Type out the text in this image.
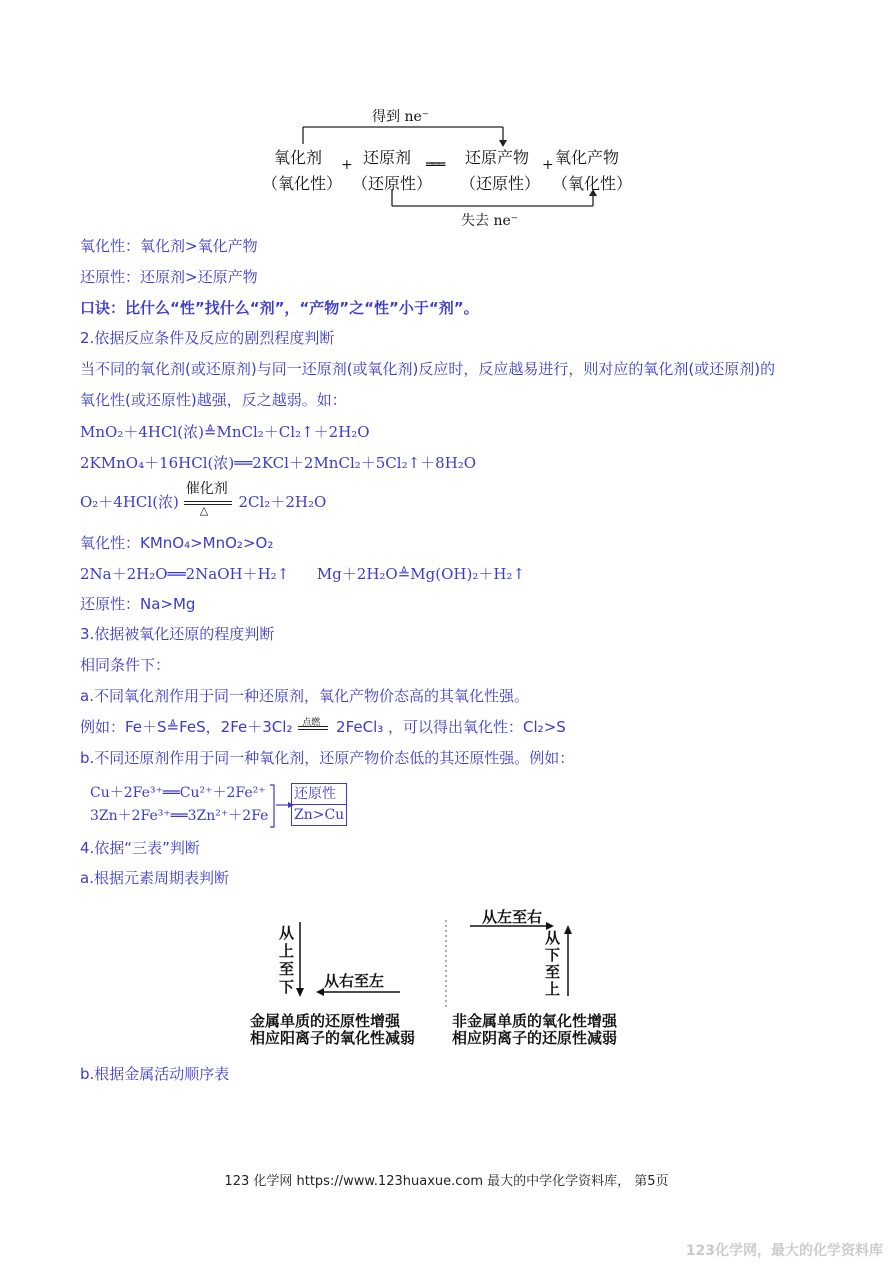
得到 ne⁻
氧化剂
（氧化性）
+ 还原剂
（还原性）
═══ 还原产物
（还原性）
+ 氧化产物
（氧化性）
失去 ne⁻
氧化性：氧化剂>氧化产物
还原性：还原剂>还原产物
口诀：比什么“性”找什么“剂”，“产物”之“性”小于“剂”。
2.依据反应条件及反应的剧烈程度判断
当不同的氧化剂(或还原剂)与同一还原剂(或氧化剂)反应时，反应越易进行，则对应的氧化剂(或还原剂)的
氧化性(或还原性)越强，反之越弱。如：
MnO₂＋4HCl(浓)≜MnCl₂＋Cl₂↑＋2H₂O
2KMnO₄＋16HCl(浓)══2KCl＋2MnCl₂＋5Cl₂↑＋8H₂O
O₂＋4HCl(浓)
催化剂
△ 2Cl₂＋2H₂O
氧化性：KMnO₄>MnO₂>O₂
2Na＋2H₂O══2NaOH＋H₂↑ Mg＋2H₂O≜Mg(OH)₂＋H₂↑
还原性：Na>Mg
3.依据被氧化还原的程度判断
相同条件下：
a.不同氧化剂作用于同一种还原剂，氧化产物价态高的其氧化性强。
例如：Fe＋S≜FeS，2Fe＋3Cl₂ 点燃 2FeCl₃ ，可以得出氧化性：Cl₂>S
b.不同还原剂作用于同一种氧化剂，还原产物价态低的其还原性强。例如：
Cu＋2Fe³⁺══Cu²⁺＋2Fe²⁺
3Zn＋2Fe³⁺══3Zn²⁺＋2Fe
还原性
Zn>Cu
4.依据“三表”判断
a.根据元素周期表判断
从上至下 从右至左
金属单质的还原性增强
相应阳离子的氧化性减弱
从左至右
从下至上
非金属单质的氧化性增强
相应阴离子的还原性减弱
b.根据金属活动顺序表
123 化学网 https://www.123huaxue.com 最大的中学化学资料库， 第5页
123化学网，最大的化学资料库
